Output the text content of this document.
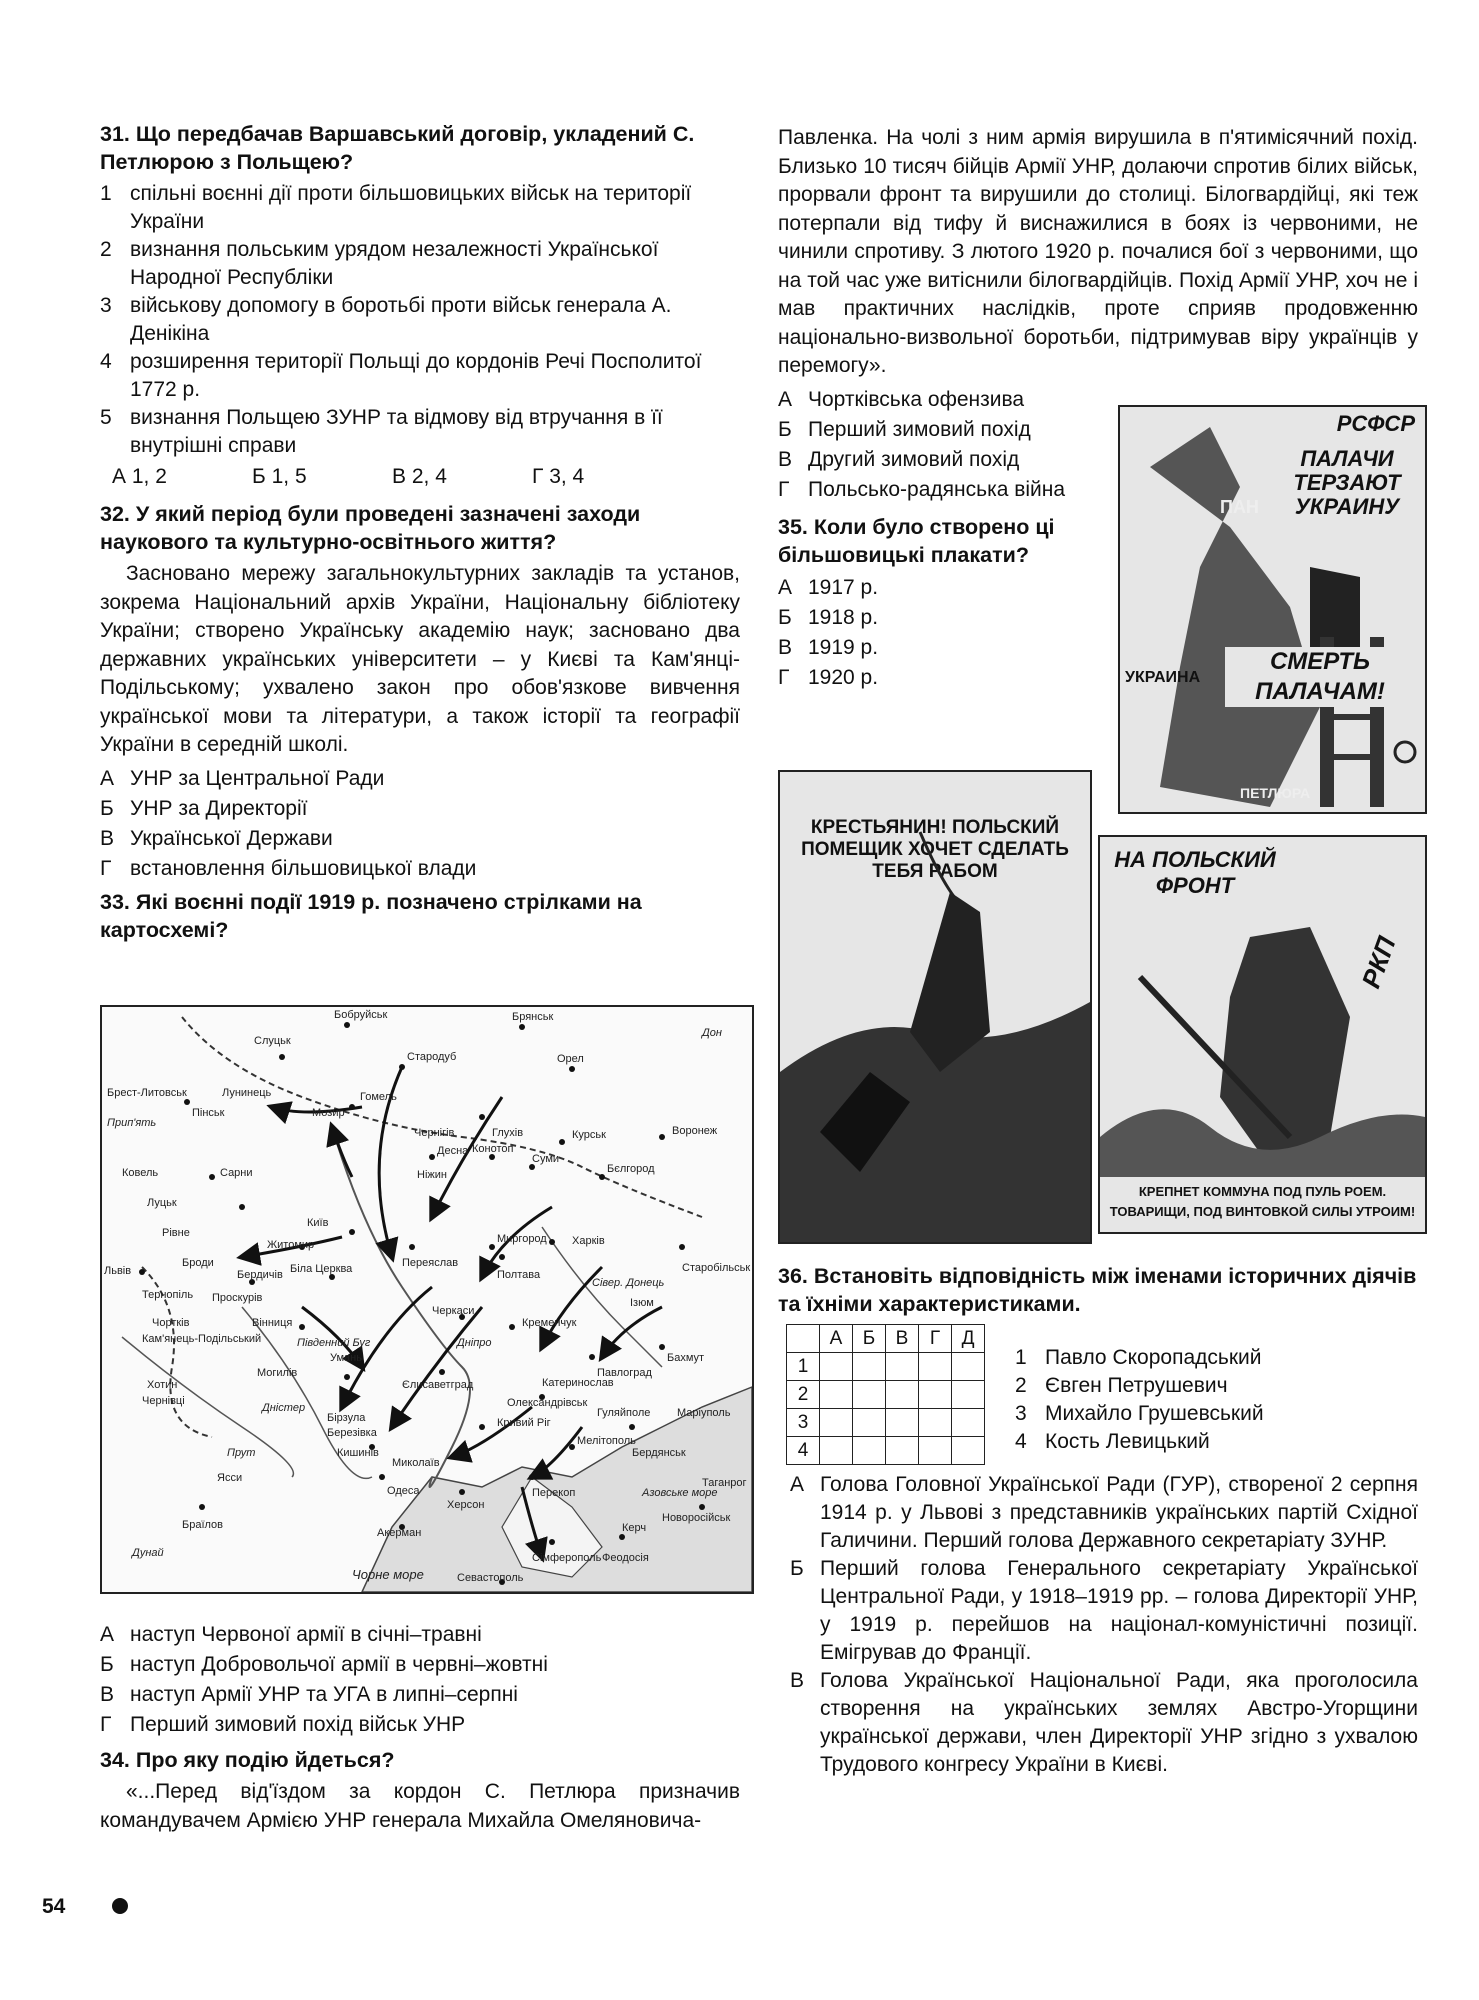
31. Що передбачав Варшавський договір, укладений С. Петлюрою з Польщею?
1 спільні воєнні дії проти більшовицьких військ на території України
2 визнання польським урядом незалежності Української Народної Республіки
3 військову допомогу в боротьбі проти військ генерала А. Денікіна
4 розширення території Польщі до кордонів Речі Посполитої 1772 р.
5 визнання Польщею ЗУНР та відмову від втручання в її внутрішні справи
А 1, 2	Б 1, 5	В 2, 4	Г 3, 4
32. У який період були проведені зазначені заходи наукового та культурно-освітнього життя?
Засновано мережу загальнокультурних закладів та установ, зокрема Національний архів України, Національну бібліотеку України; створено Українську академію наук; засновано два державних українських університети – у Києві та Кам'янці-Подільському; ухвалено закон про обов'язкове вивчення української мови та літератури, а також історії та географії України в середній школі.
А УНР за Центральної Ради
Б УНР за Директорії
В Української Держави
Г встановлення більшовицької влади
33. Які воєнні події 1919 р. позначено стрілками на картосхемі?
Слуцьк
Бобруйськ	Брянськ
Орел
Стародуб
Гомель
Лунинець
Пінськ	Мозир
Брест-Литовськ
Чернігів	Глухів	Курськ	Воронеж
Ковель	Сарни
Луцьк
Рівне
Ніжин
Конотоп
Суми
Бєлгород
Десна
Київ
Житомир
Броди
Львів	Бердичів Біла Церква
Тернопіль Проскурів
Переяслав
Миргород Харків
Полтава
Старобільськ
Чортків
Кам'янець-Подільський
Вінниця
Черкаси
Кременчук
Ізюм
Хотин
Чернівці
Могилів
Умань
Єлисаветград	Катеринослав
Бахмут
Павлоград
Олександрівськ
Кривий Ріг
Бірзула
Березівка
Гуляйполе Маріуполь
Мелітополь
Кишинів
Миколаїв
Херсон
Бердянськ
Ясси
Одеса	Перекоп
Акерман
Таганрог
Керч
Сімферополь Феодосія
Новоросійськ
Севастополь
Браїлов
Дніпро
Дністер
Південний Буг
Сівер. Донець
Прип'ять
Дон
Прут
Дунай
Азовське море
Чорне море
А наступ Червоної армії в січні–травні
Б наступ Добровольчої армії в червні–жовтні
В наступ Армії УНР та УГА в липні–серпні
Г Перший зимовий похід військ УНР
34. Про яку подію йдеться?
«...Перед від'їздом за кордон С. Петлюра призначив командувачем Армією УНР генерала Михайла Омеляновича-
Павленка. На чолі з ним армія вирушила в п'ятимісячний похід. Близько 10 тисяч бійців Армії УНР, долаючи спротив білих військ, прорвали фронт та вирушили до столиці. Білогвардійці, які теж потерпали від тифу й виснажилися в боях із червоними, не чинили спротиву. З лютого 1920 р. почалися бої з червоними, що на той час уже витіснили білогвардійців. Похід Армії УНР, хоч не і мав практичних наслідків, проте сприяв продовженню національно-визвольної боротьби, підтримував віру українців у перемогу».
А Чортківська офензива
Б Перший зимовий похід
В Другий зимовий похід
Г Польсько-радянська війна
35. Коли було створено ці більшовицькі плакати?
А 1917 р.
Б 1918 р.
В 1919 р.
Г 1920 р.
РСФСР
ПАЛАЧИ ТЕРЗАЮТ УКРАИНУ
ПАН
УКРАИНА
СМЕРТЬ ПАЛАЧАМ!
ПЕТЛЮРА
КРЕСТЬЯНИН! ПОЛЬСКИЙ ПОМЕЩИК ХОЧЕТ СДЕЛАТЬ ТЕБЯ РАБОМ	НА ПОЛЬСКИЙ ФРОНТ
РКП
КРЕПНЕТ КОММУНА ПОД ПУЛЬ РОЕМ. ТОВАРИЩИ, ПОД ВИНТОВКОЙ СИЛЫ УТРОИМ!
36. Встановіть відповідність між іменами історичних діячів та їхніми характеристиками.
	А	Б	В	Г	Д
1					
2					
3					
4					
1 Павло Скоропадський
2 Євген Петрушевич
3 Михайло Грушевський
4 Кость Левицький
А Голова Головної Української Ради (ГУР), створеної 2 серпня 1914 р. у Львові з представників українських партій Східної Галичини. Перший голова Державного секретаріату ЗУНР.
Б Перший голова Генерального секретаріату Української Центральної Ради, у 1918–1919 рр. – голова Директорії УНР, у 1919 р. перейшов на націонал-комуністичні позиції. Емігрував до Франції.
В Голова Української Національної Ради, яка проголосила створення на українських землях Австро-Угорщини української держави, член Директорії УНР згідно з ухвалою Трудового конгресу України в Києві.
54
